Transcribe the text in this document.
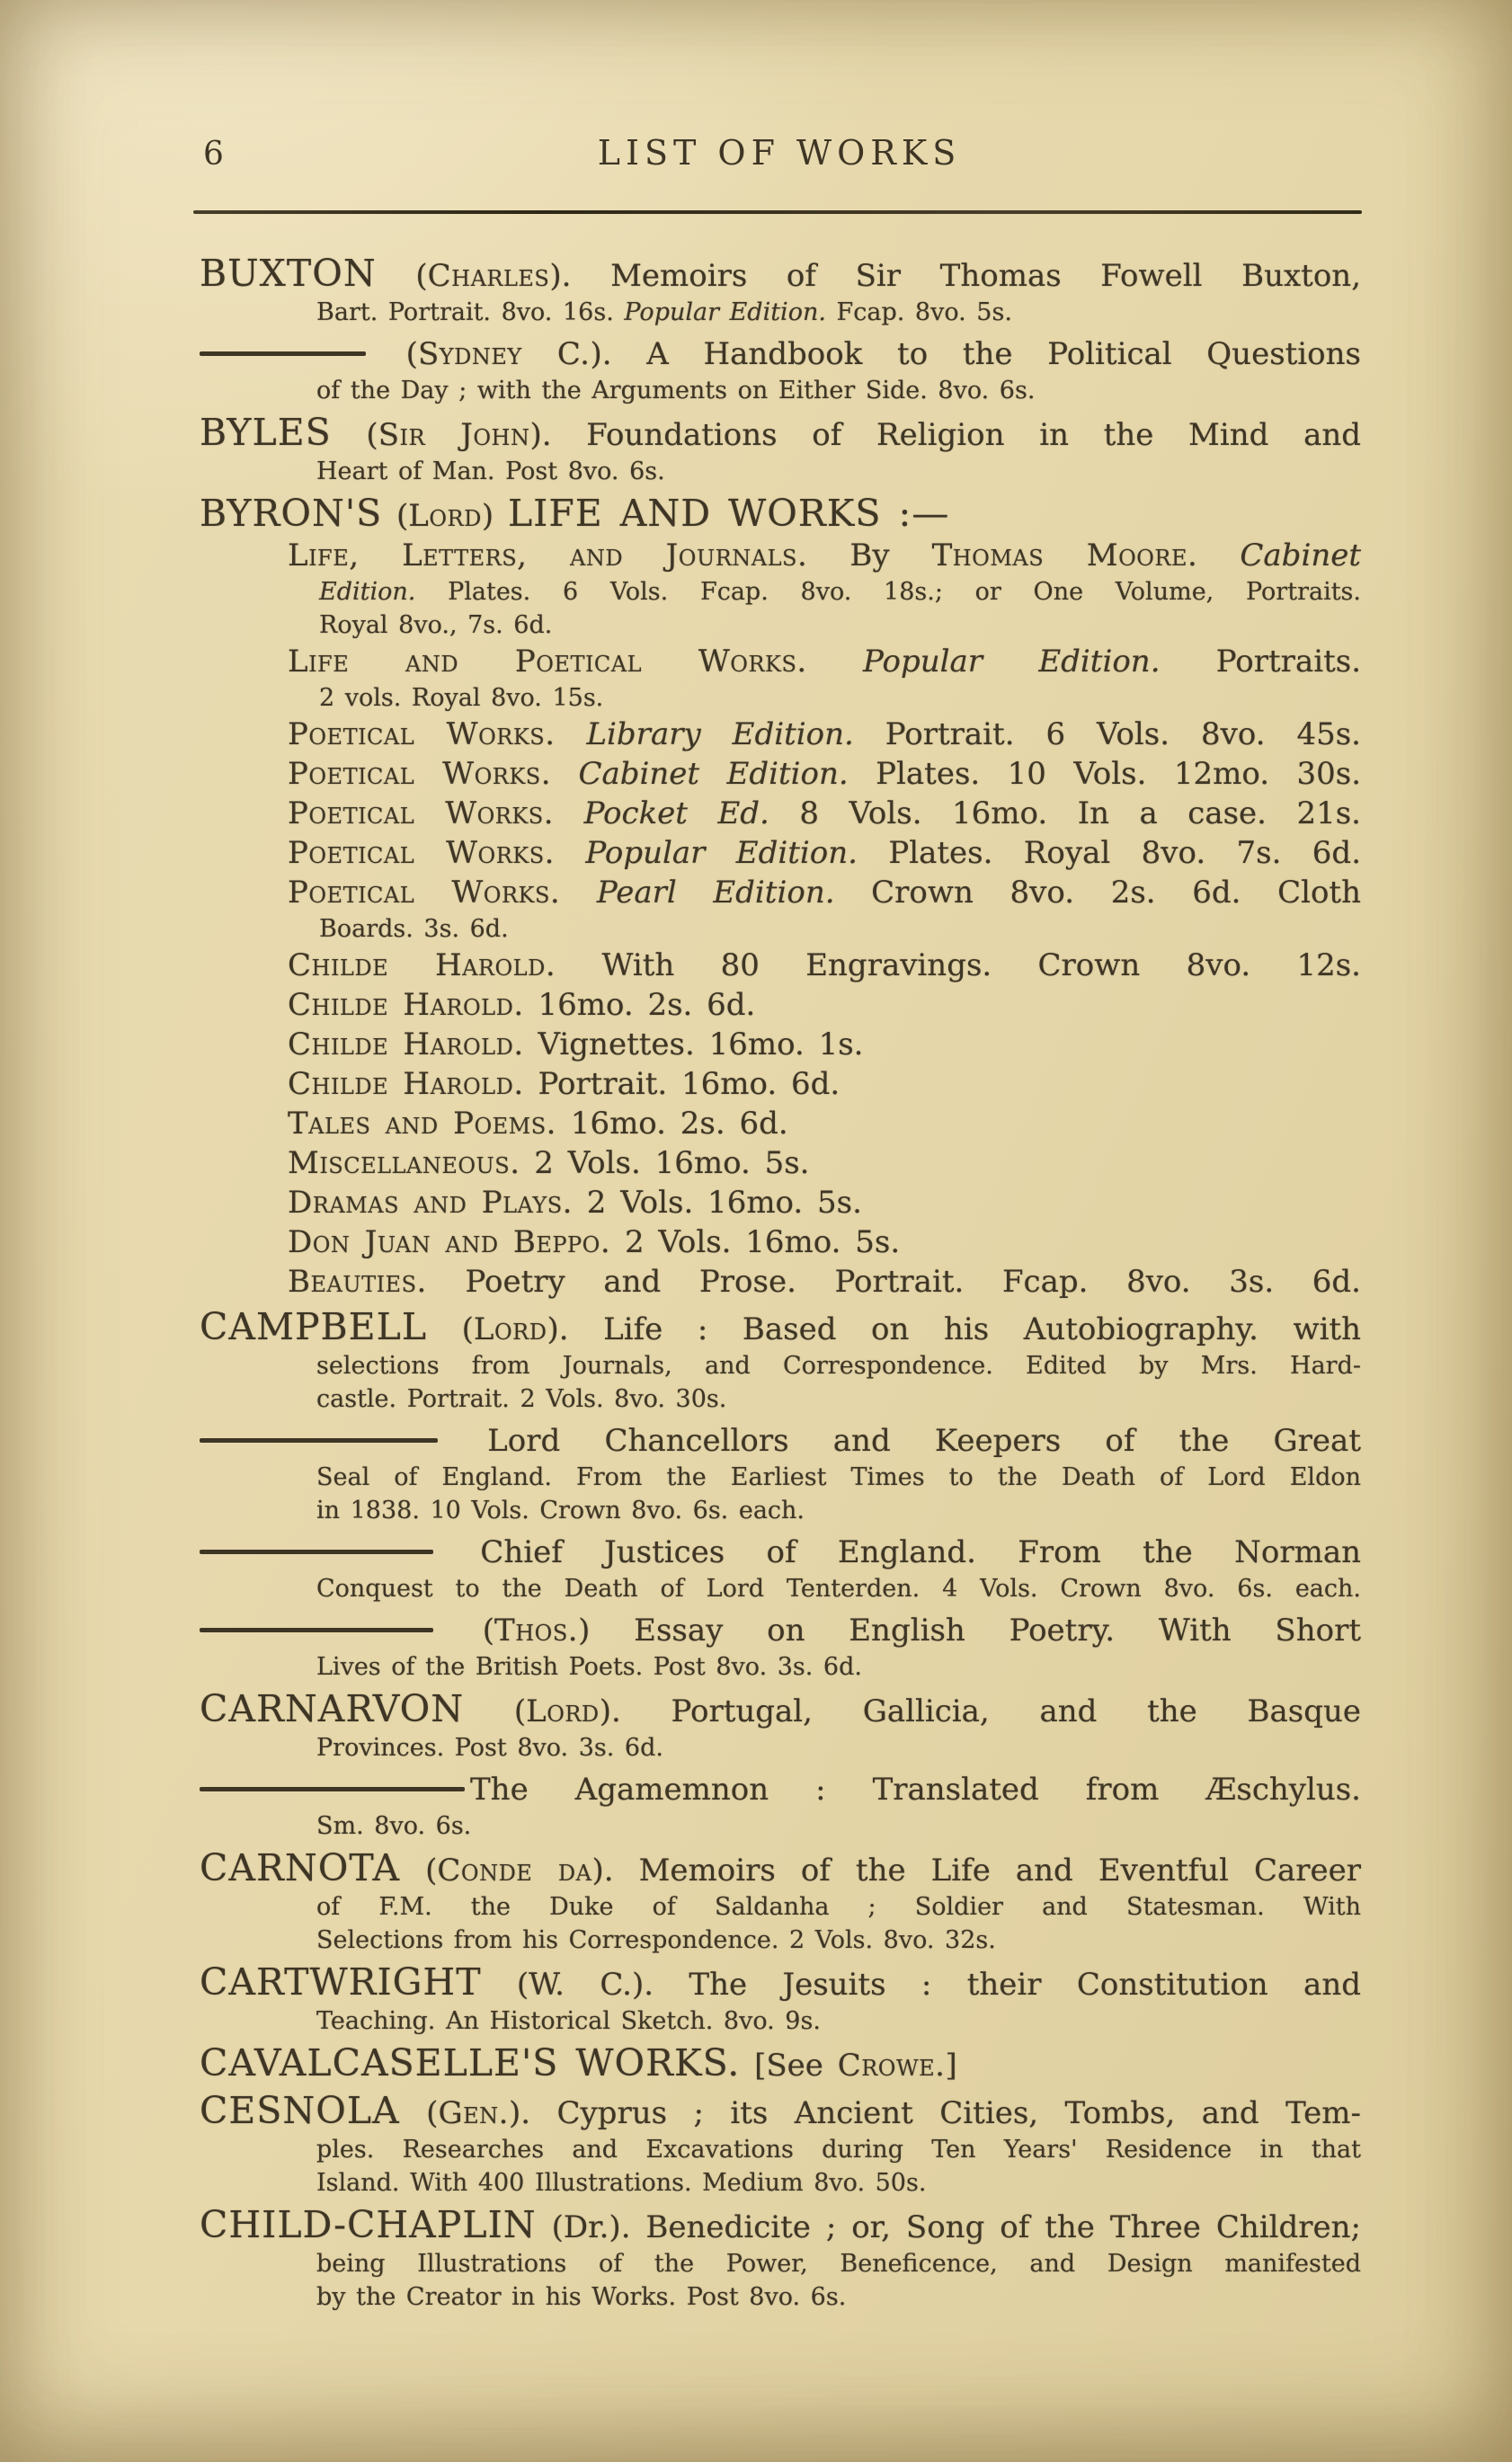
6	LIST OF WORKS
BUXTON (Charles). Memoirs of Sir Thomas Fowell Buxton,
Bart. Portrait. 8vo. 16s. Popular Edition. Fcap. 8vo. 5s.
(Sydney C.). A Handbook to the Political Questions
of the Day ; with the Arguments on Either Side. 8vo. 6s.
BYLES (Sir John). Foundations of Religion in the Mind and
Heart of Man. Post 8vo. 6s.
BYRON'S (Lord) LIFE AND WORKS :—
Life, Letters, and Journals. By Thomas Moore. Cabinet
Edition. Plates. 6 Vols. Fcap. 8vo. 18s.; or One Volume, Portraits.
Royal 8vo., 7s. 6d.
Life and Poetical Works. Popular Edition. Portraits.
2 vols. Royal 8vo. 15s.
Poetical Works. Library Edition. Portrait. 6 Vols. 8vo. 45s.
Poetical Works. Cabinet Edition. Plates. 10 Vols. 12mo. 30s.
Poetical Works. Pocket Ed. 8 Vols. 16mo. In a case. 21s.
Poetical Works. Popular Edition. Plates. Royal 8vo. 7s. 6d.
Poetical Works. Pearl Edition. Crown 8vo. 2s. 6d. Cloth
Boards. 3s. 6d.
Childe Harold. With 80 Engravings. Crown 8vo. 12s.
Childe Harold. 16mo. 2s. 6d.
Childe Harold. Vignettes. 16mo. 1s.
Childe Harold. Portrait. 16mo. 6d.
Tales and Poems. 16mo. 2s. 6d.
Miscellaneous. 2 Vols. 16mo. 5s.
Dramas and Plays. 2 Vols. 16mo. 5s.
Don Juan and Beppo. 2 Vols. 16mo. 5s.
Beauties. Poetry and Prose. Portrait. Fcap. 8vo. 3s. 6d.
CAMPBELL (Lord). Life : Based on his Autobiography. with
selections from Journals, and Correspondence. Edited by Mrs. Hard-
castle. Portrait. 2 Vols. 8vo. 30s.
Lord Chancellors and Keepers of the Great
Seal of England. From the Earliest Times to the Death of Lord Eldon
in 1838. 10 Vols. Crown 8vo. 6s. each.
Chief Justices of England. From the Norman
Conquest to the Death of Lord Tenterden. 4 Vols. Crown 8vo. 6s. each.
(Thos.) Essay on English Poetry. With Short
Lives of the British Poets. Post 8vo. 3s. 6d.
CARNARVON (Lord). Portugal, Gallicia, and the Basque
Provinces. Post 8vo. 3s. 6d.
The Agamemnon : Translated from Æschylus.
Sm. 8vo. 6s.
CARNOTA (Conde da). Memoirs of the Life and Eventful Career
of F.M. the Duke of Saldanha ; Soldier and Statesman. With
Selections from his Correspondence. 2 Vols. 8vo. 32s.
CARTWRIGHT (W. C.). The Jesuits : their Constitution and
Teaching. An Historical Sketch. 8vo. 9s.
CAVALCASELLE'S WORKS. [See Crowe.]
CESNOLA (Gen.). Cyprus ; its Ancient Cities, Tombs, and Tem-
ples. Researches and Excavations during Ten Years' Residence in that
Island. With 400 Illustrations. Medium 8vo. 50s.
CHILD-CHAPLIN (Dr.). Benedicite ; or, Song of the Three Children;
being Illustrations of the Power, Beneficence, and Design manifested
by the Creator in his Works. Post 8vo. 6s.
